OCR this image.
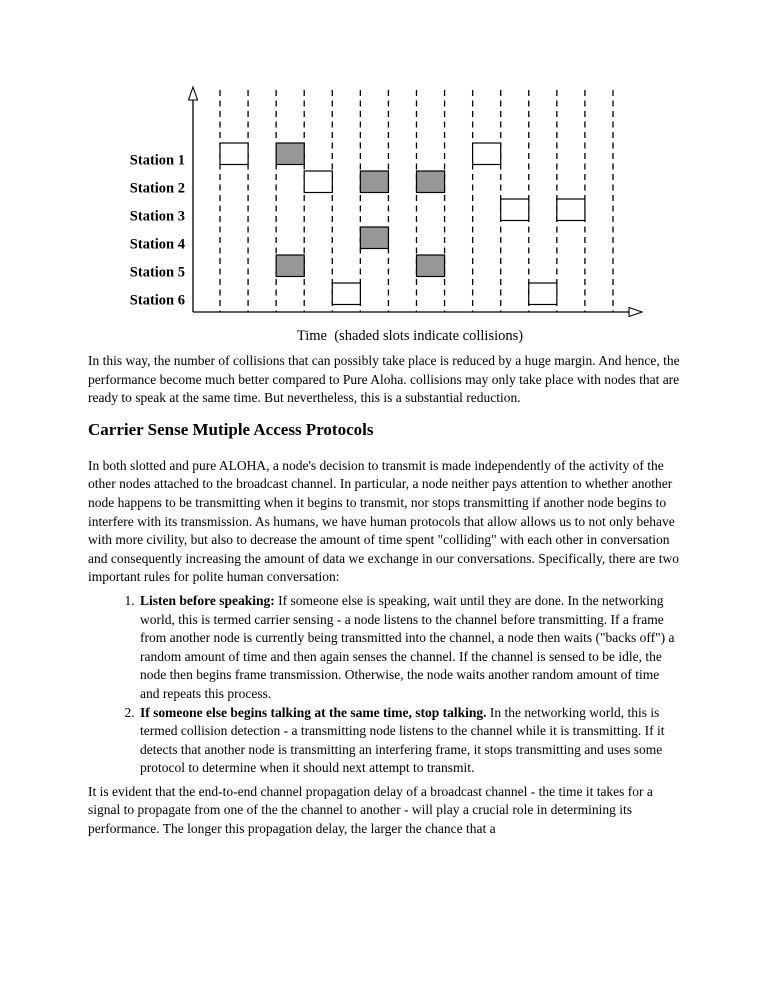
Station 1
Station 2
Station 3
Station 4
Station 5
Station 6
Time  (shaded slots indicate collisions)

In this way, the number of collisions that can possibly take place is reduced by a huge margin. And hence, the performance become much better compared to Pure Aloha. collisions may only take place with nodes that are ready to speak at the same time. But nevertheless, this is a substantial reduction.

Carrier Sense Mutiple Access Protocols

In both slotted and pure ALOHA, a node's decision to transmit is made independently of the activity of the other nodes attached to the broadcast channel. In particular, a node neither pays attention to whether another node happens to be transmitting when it begins to transmit, nor stops transmitting if another node begins to interfere with its transmission. As humans, we have human protocols that allow allows us to not only behave with more civility, but also to decrease the amount of time spent "colliding" with each other in conversation and consequently increasing the amount of data we exchange in our conversations. Specifically, there are two important rules for polite human conversation:

1. Listen before speaking: If someone else is speaking, wait until they are done. In the networking world, this is termed carrier sensing - a node listens to the channel before transmitting. If a frame from another node is currently being transmitted into the channel, a node then waits ("backs off") a random amount of time and then again senses the channel. If the channel is sensed to be idle, the node then begins frame transmission. Otherwise, the node waits another random amount of time and repeats this process.
2. If someone else begins talking at the same time, stop talking. In the networking world, this is termed collision detection - a transmitting node listens to the channel while it is transmitting. If it detects that another node is transmitting an interfering frame, it stops transmitting and uses some protocol to determine when it should next attempt to transmit.

It is evident that the end-to-end channel propagation delay of a broadcast channel - the time it takes for a signal to propagate from one of the the channel to another - will play a crucial role in determining its performance. The longer this propagation delay, the larger the chance that a
